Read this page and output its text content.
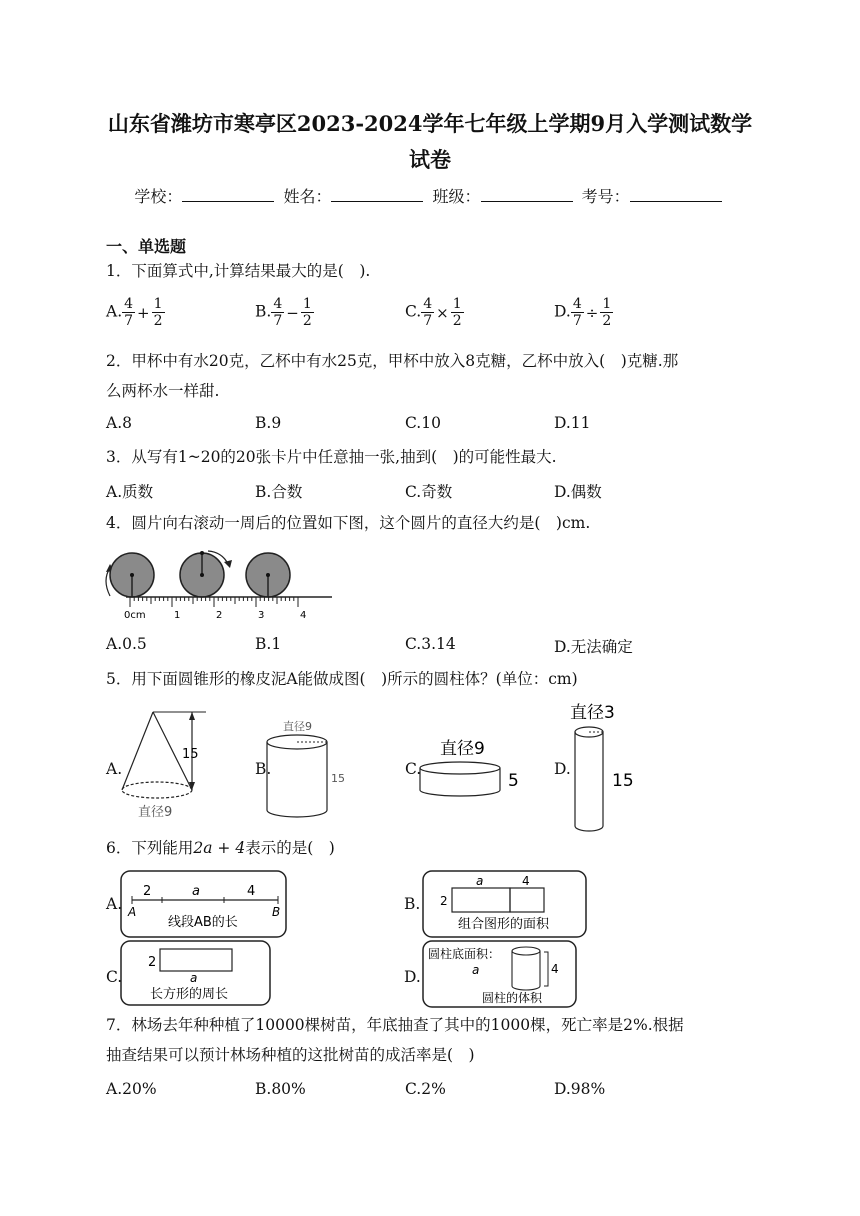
山东省潍坊市寒亭区2023-2024学年七年级上学期9月入学测试数学
试卷
学校：	姓名：	班级：	考号：
一、单选题
1．下面算式中,计算结果最大的是(　).
A. $\frac{4}{7} + \frac{1}{2}$	B. $\frac{4}{7} - \frac{1}{2}$	C. $\frac{4}{7} \times \frac{1}{2}$	D. $\frac{4}{7} \div \frac{1}{2}$
2．甲杯中有水20克，乙杯中有水25克，甲杯中放入8克糖，乙杯中放入(　)克糖.那
么两杯水一样甜.
A.8	B.9	C.10	D.11
3．从写有1~20的20张卡片中任意抽一张,抽到(　)的可能性最大.
A.质数	B.合数	C.奇数	D.偶数
4．圆片向右滚动一周后的位置如下图，这个圆片的直径大约是(　)cm.
0cm	1	2	3	4
A.0.5	B.1	C.3.14	D.无法确定
5．用下面圆锥形的橡皮泥A能做成图(　)所示的圆柱体？(单位：cm)
A.
15
直径9
B.
直径9
15
C.
直径9
5
D.
直径3
15
6．下列能用2a + 4表示的是(　)
A.
2	a	4
A	B
线段AB的长
B.
a	4
2
组合图形的面积
C.
2
a
长方形的周长
D.
圆柱底面积：
a	4
圆柱的体积
7．林场去年种种植了10000棵树苗，年底抽查了其中的1000棵，死亡率是2%.根据
抽查结果可以预计林场种植的这批树苗的成活率是(　)
A.20%	B.80%	C.2%	D.98%
